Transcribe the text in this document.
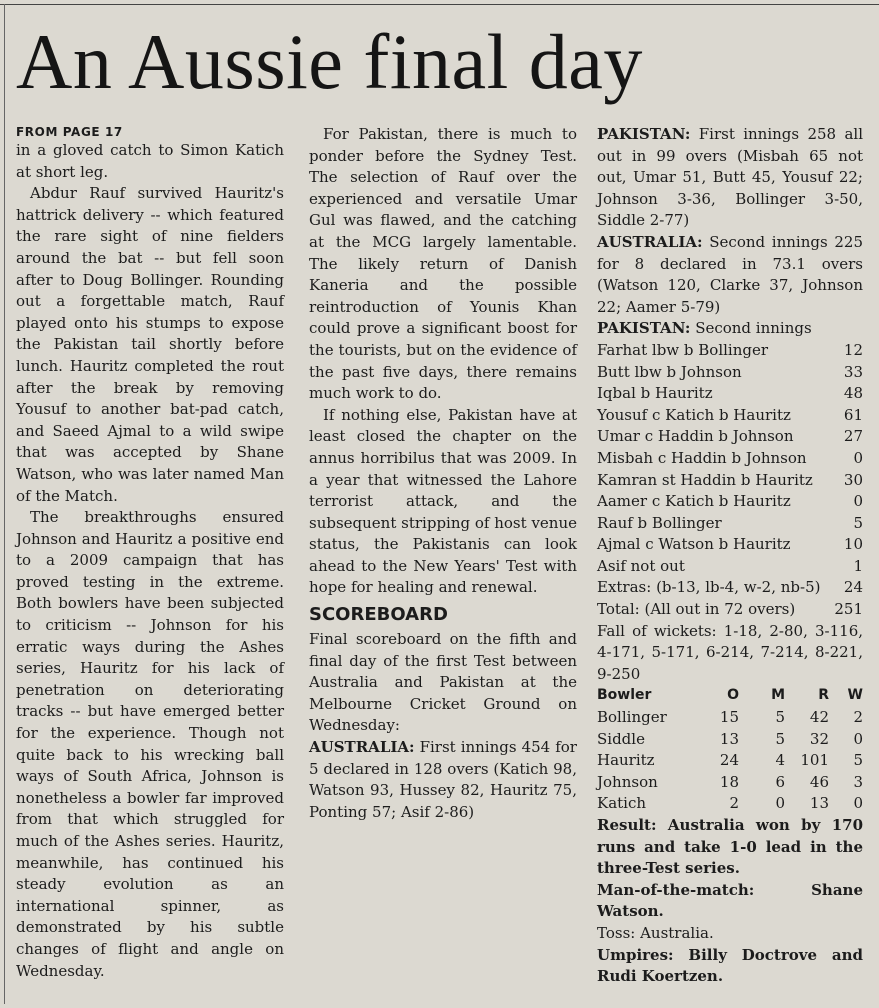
An Aussie final day
FROM PAGE 17

in a gloved catch to Simon Katich at short leg.

Abdur Rauf survived Hauritz's hattrick delivery -- which featured the rare sight of nine fielders around the bat -- but fell soon after to Doug Bollinger. Rounding out a forgettable match, Rauf played onto his stumps to expose the Pakistan tail shortly before lunch. Hauritz completed the rout after the break by removing Yousuf to another bat-pad catch, and Saeed Ajmal to a wild swipe that was accepted by Shane Watson, who was later named Man of the Match.

The breakthroughs ensured Johnson and Hauritz a positive end to a 2009 campaign that has proved testing in the extreme. Both bowlers have been subjected to criticism -- Johnson for his erratic ways during the Ashes series, Hauritz for his lack of penetration on deteriorating tracks -- but have emerged better for the experience. Though not quite back to his wrecking ball ways of South Africa, Johnson is nonetheless a bowler far improved from that which struggled for much of the Ashes series. Hauritz, meanwhile, has continued his steady evolution as an international spinner, as demonstrated by his subtle changes of flight and angle on Wednesday.

For Pakistan, there is much to ponder before the Sydney Test. The selection of Rauf over the experienced and versatile Umar Gul was flawed, and the catching at the MCG largely lamentable. The likely return of Danish Kaneria and the possible reintroduction of Younis Khan could prove a significant boost for the tourists, but on the evidence of the past five days, there remains much work to do.

If nothing else, Pakistan have at least closed the chapter on the annus horribilus that was 2009. In a year that witnessed the Lahore terrorist attack, and the subsequent stripping of host venue status, the Pakistanis can look ahead to the New Years' Test with hope for healing and renewal.

SCOREBOARD

Final scoreboard on the fifth and final day of the first Test between Australia and Pakistan at the Melbourne Cricket Ground on Wednesday:

AUSTRALIA: First innings 454 for 5 declared in 128 overs (Katich 98, Watson 93, Hussey 82, Hauritz 75, Ponting 57; Asif 2-86)

PAKISTAN: First innings 258 all out in 99 overs (Misbah 65 not out, Umar 51, Butt 45, Yousuf 22; Johnson 3-36, Bollinger 3-50, Siddle 2-77)

AUSTRALIA: Second innings 225 for 8 declared in 73.1 overs (Watson 120, Clarke 37, Johnson 22; Aamer 5-79)

PAKISTAN: Second innings

Farhat lbw b Bollinger	12
Butt lbw b Johnson	33
Iqbal b Hauritz	48
Yousuf c Katich b Hauritz	61
Umar c Haddin b Johnson	27
Misbah c Haddin b Johnson	0
Kamran st Haddin b Hauritz 30
Aamer c Katich b Hauritz	0
Rauf b Bollinger	5
Ajmal c Watson b Hauritz	10
Asif not out	1
Extras: (b-13, lb-4, w-2, nb-5) 24
Total: (All out in 72 overs)	251

Fall of wickets: 1-18, 2-80, 3-116, 4-171, 5-171, 6-214, 7-214, 8-221, 9-250

Bowler	O	M	R	W
Bollinger	15	5	42	2
Siddle	13	5	32	0
Hauritz	24	4	101	5
Johnson	18	6	46	3
Katich	2	0	13	0

Result: Australia won by 170 runs and take 1-0 lead in the three-Test series.

Man-of-the-match: Shane Watson.

Toss: Australia.

Umpires: Billy Doctrove and Rudi Koertzen.
